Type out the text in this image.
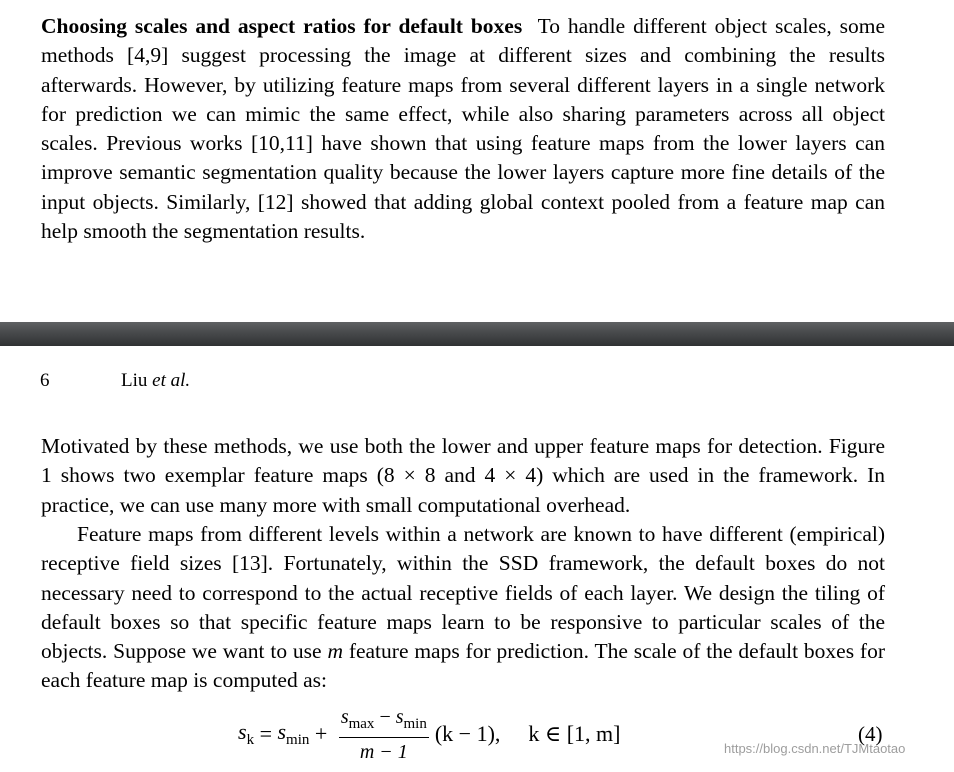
Choosing scales and aspect ratios for default boxes To handle different object scales, some methods [4,9] suggest processing the image at different sizes and combining the results afterwards. However, by utilizing feature maps from several different layers in a single network for prediction we can mimic the same effect, while also sharing parameters across all object scales. Previous works [10,11] have shown that using feature maps from the lower layers can improve semantic segmentation quality because the lower layers capture more fine details of the input objects. Similarly, [12] showed that adding global context pooled from a feature map can help smooth the segmentation results.

6	Liu et al.

Motivated by these methods, we use both the lower and upper feature maps for detection. Figure 1 shows two exemplar feature maps (8 × 8 and 4 × 4) which are used in the framework. In practice, we can use many more with small computational overhead.

Feature maps from different levels within a network are known to have different (empirical) receptive field sizes [13]. Fortunately, within the SSD framework, the default boxes do not necessary need to correspond to the actual receptive fields of each layer. We design the tiling of default boxes so that specific feature maps learn to be responsive to particular scales of the objects. Suppose we want to use m feature maps for prediction. The scale of the default boxes for each feature map is computed as:

$s_k = s_{min} + \frac{s_{max} - s_{min}}{m - 1} (k - 1)$, k ∈ [1, m]	(4)
https://blog.csdn.net/TJMtaotao
